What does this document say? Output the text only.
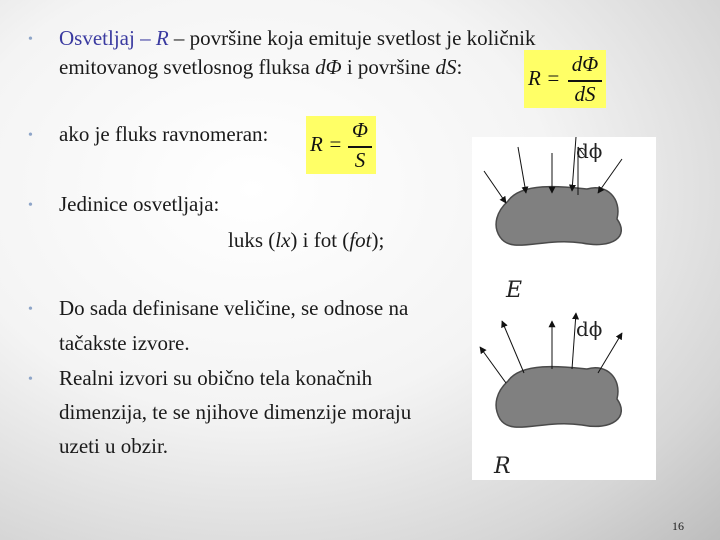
• Osvetljaj – R – površine koja emituje svetlost je količnik
emitovanog svetlosnog fluksa dΦ i površine dS:	R =
dΦ
dS
• ako je fluks ravnomeran: R =
Φ
S
• Jedinice osvetljaja:
luks (lx) i fot (fot);
• Do sada definisane veličine, se odnose na
tačakste izvore.
• Realni izvori su obično tela konačnih
dimenzija, te se njihove dimenzije moraju
uzeti u obzir.
dϕ
E
dϕ
R
16
